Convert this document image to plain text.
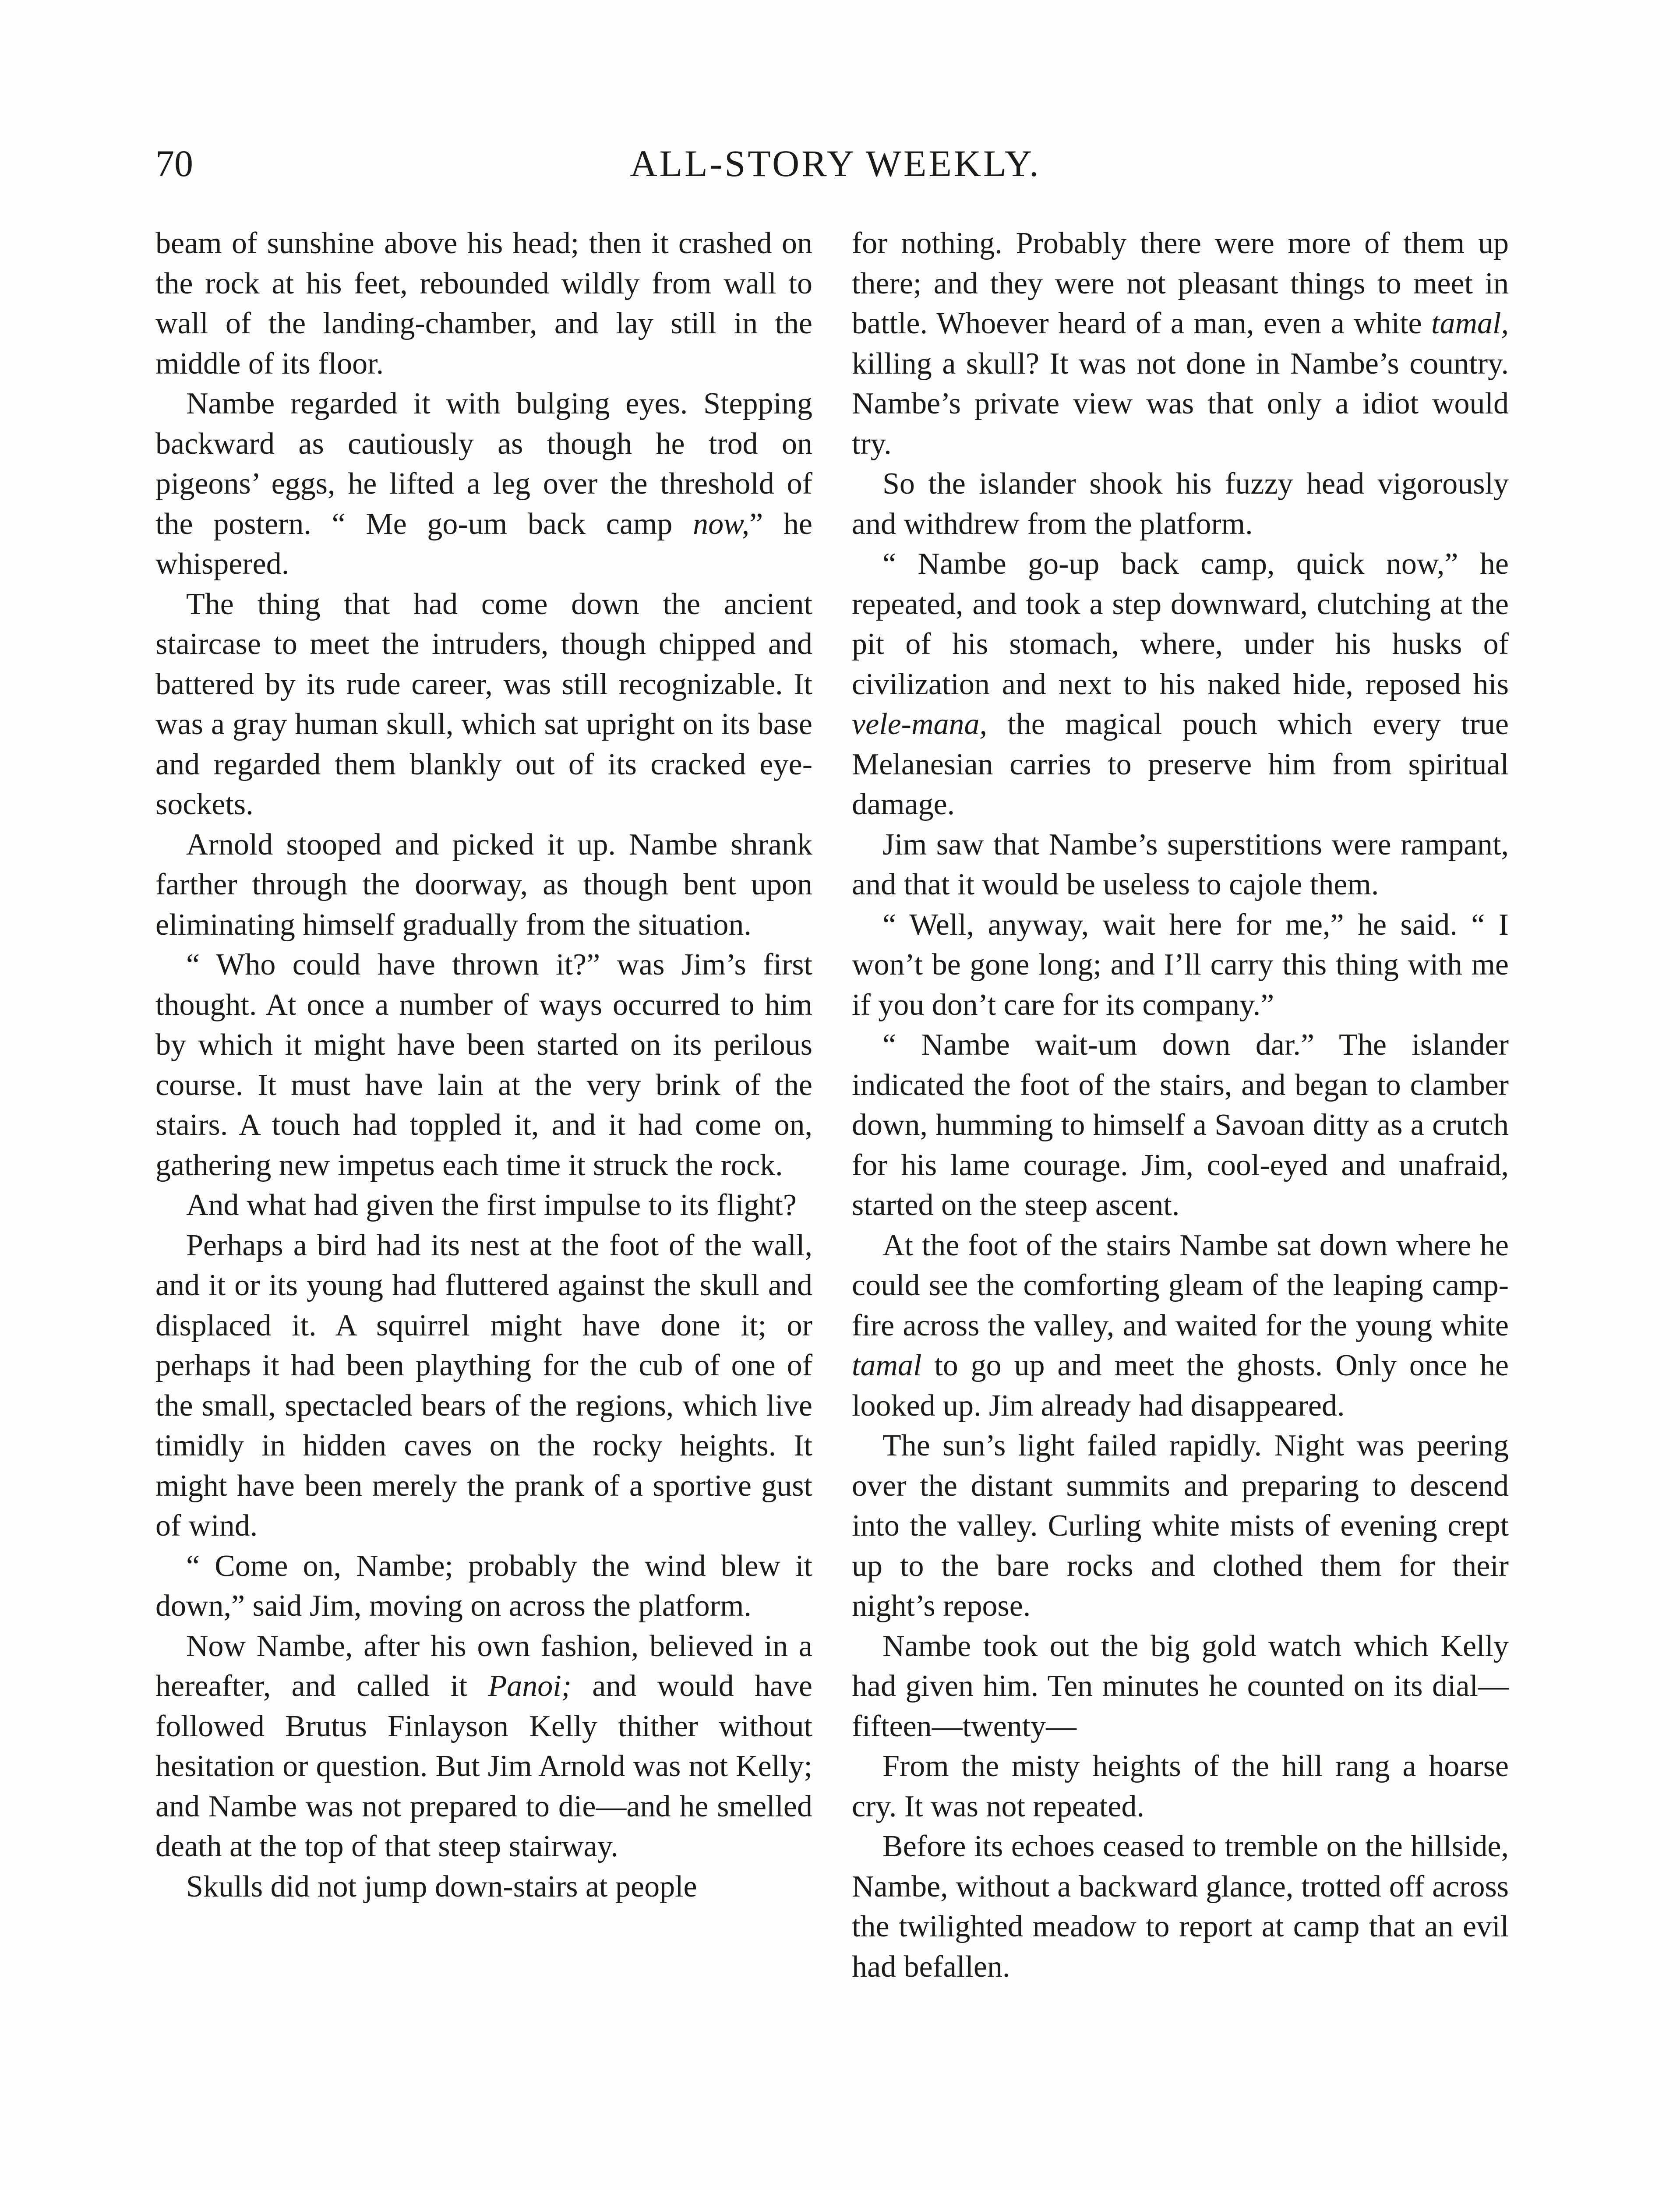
70	ALL-STORY WEEKLY.

beam of sunshine above his head; then it crashed on the rock at his feet, rebounded wildly from wall to wall of the landing-chamber, and lay still in the middle of its floor.

Nambe regarded it with bulging eyes. Stepping backward as cautiously as though he trod on pigeons’ eggs, he lifted a leg over the threshold of the postern. “ Me go-um back camp now,” he whispered.

The thing that had come down the ancient staircase to meet the intruders, though chipped and battered by its rude career, was still recognizable. It was a gray human skull, which sat upright on its base and regarded them blankly out of its cracked eye-sockets.

Arnold stooped and picked it up. Nambe shrank farther through the doorway, as though bent upon eliminating himself gradually from the situation.

“ Who could have thrown it?” was Jim’s first thought. At once a number of ways occurred to him by which it might have been started on its perilous course. It must have lain at the very brink of the stairs. A touch had toppled it, and it had come on, gathering new impetus each time it struck the rock.

And what had given the first impulse to its flight?

Perhaps a bird had its nest at the foot of the wall, and it or its young had fluttered against the skull and displaced it. A squirrel might have done it; or perhaps it had been plaything for the cub of one of the small, spectacled bears of the regions, which live timidly in hidden caves on the rocky heights. It might have been merely the prank of a sportive gust of wind.

“ Come on, Nambe; probably the wind blew it down,” said Jim, moving on across the platform.

Now Nambe, after his own fashion, believed in a hereafter, and called it Panoi; and would have followed Brutus Finlayson Kelly thither without hesitation or question. But Jim Arnold was not Kelly; and Nambe was not prepared to die—and he smelled death at the top of that steep stairway.

Skulls did not jump down-stairs at people

for nothing. Probably there were more of them up there; and they were not pleasant things to meet in battle. Whoever heard of a man, even a white tamal, killing a skull? It was not done in Nambe’s country. Nambe’s private view was that only a idiot would try.

So the islander shook his fuzzy head vigorously and withdrew from the platform.

“ Nambe go-up back camp, quick now,” he repeated, and took a step downward, clutching at the pit of his stomach, where, under his husks of civilization and next to his naked hide, reposed his vele-mana, the magical pouch which every true Melanesian carries to preserve him from spiritual damage.

Jim saw that Nambe’s superstitions were rampant, and that it would be useless to cajole them.

“ Well, anyway, wait here for me,” he said. “ I won’t be gone long; and I’ll carry this thing with me if you don’t care for its company.”

“ Nambe wait-um down dar.” The islander indicated the foot of the stairs, and began to clamber down, humming to himself a Savoan ditty as a crutch for his lame courage. Jim, cool-eyed and unafraid, started on the steep ascent.

At the foot of the stairs Nambe sat down where he could see the comforting gleam of the leaping camp-fire across the valley, and waited for the young white tamal to go up and meet the ghosts. Only once he looked up. Jim already had disappeared.

The sun’s light failed rapidly. Night was peering over the distant summits and preparing to descend into the valley. Curling white mists of evening crept up to the bare rocks and clothed them for their night’s repose.

Nambe took out the big gold watch which Kelly had given him. Ten minutes he counted on its dial—fifteen—twenty—

From the misty heights of the hill rang a hoarse cry. It was not repeated.

Before its echoes ceased to tremble on the hillside, Nambe, without a backward glance, trotted off across the twilighted meadow to report at camp that an evil had befallen.
